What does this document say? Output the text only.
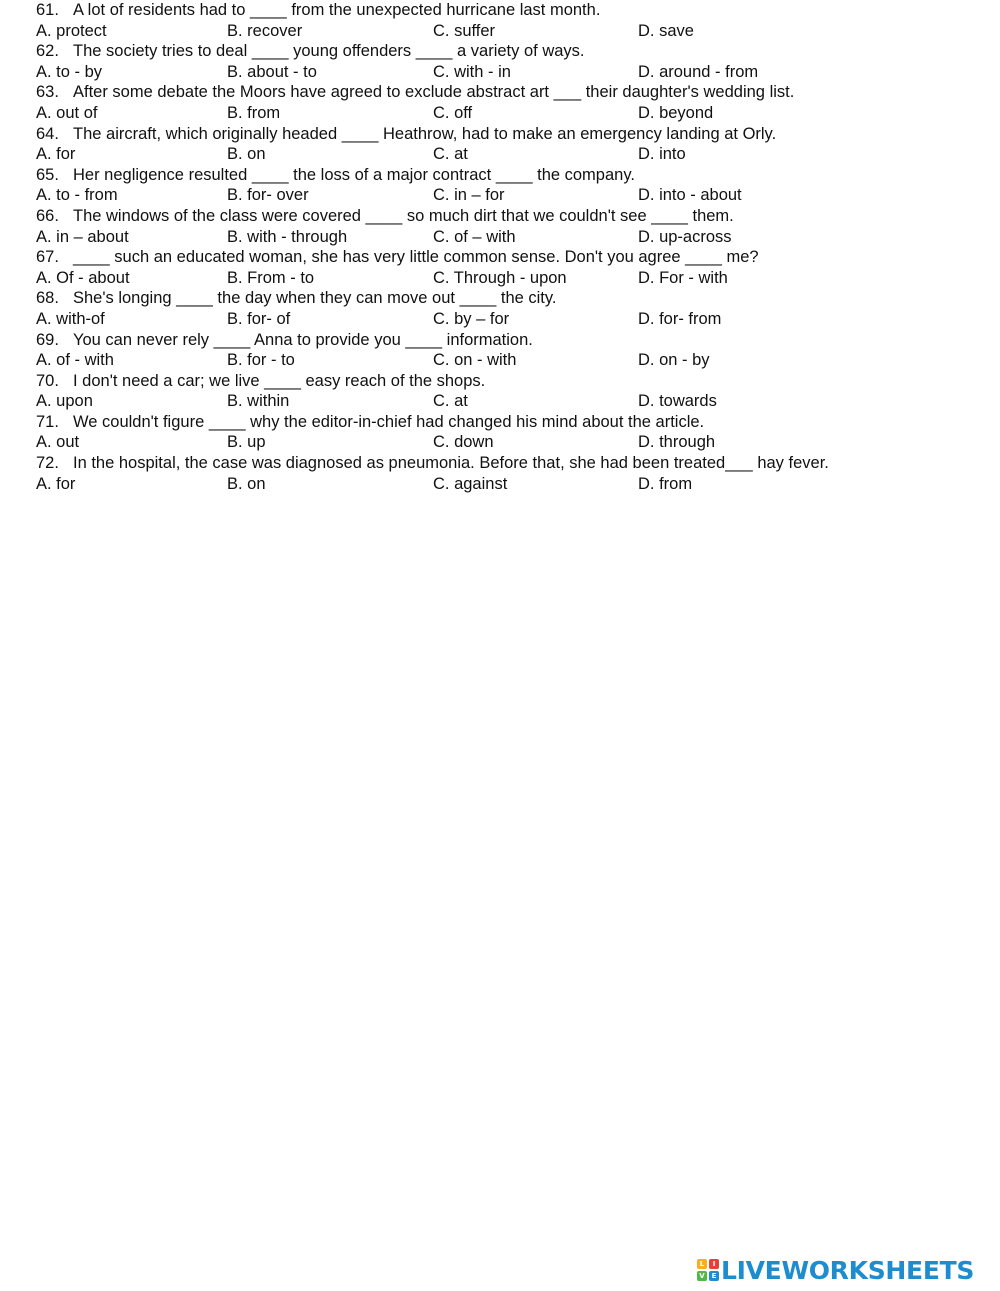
61. A lot of residents had to ____ from the unexpected hurricane last month.
A. protect	B. recover	C. suffer	D. save
62. The society tries to deal ____ young offenders ____ a variety of ways.
A. to - by	B. about - to	C. with - in	D. around - from
63. After some debate the Moors have agreed to exclude abstract art ___ their daughter's wedding list.
A. out of	B. from	C. off	D. beyond
64. The aircraft, which originally headed ____ Heathrow, had to make an emergency landing at Orly.
A. for	B. on	C. at	D. into
65. Her negligence resulted ____ the loss of a major contract ____ the company.
A. to - from	B. for- over	C. in – for	D. into - about
66. The windows of the class were covered ____ so much dirt that we couldn't see ____ them.
A. in – about	B. with - through	C. of – with	D. up-across
67. ____ such an educated woman, she has very little common sense. Don't you agree ____ me?
A. Of - about	B. From - to	C. Through - upon	D. For - with
68. She's longing ____ the day when they can move out ____ the city.
A. with-of	B. for- of	C. by – for	D. for- from
69. You can never rely ____ Anna to provide you ____ information.
A. of - with	B. for - to	C. on - with	D. on - by
70. I don't need a car; we live ____ easy reach of the shops.
A. upon	B. within	C. at	D. towards
71. We couldn't figure ____ why the editor-in-chief had changed his mind about the article.
A. out	B. up	C. down	D. through
72. In the hospital, the case was diagnosed as pneumonia. Before that, she had been treated___ hay fever.
A. for	B. on	C. against	D. from
L	I
V E LIVEWORKSHEETS
